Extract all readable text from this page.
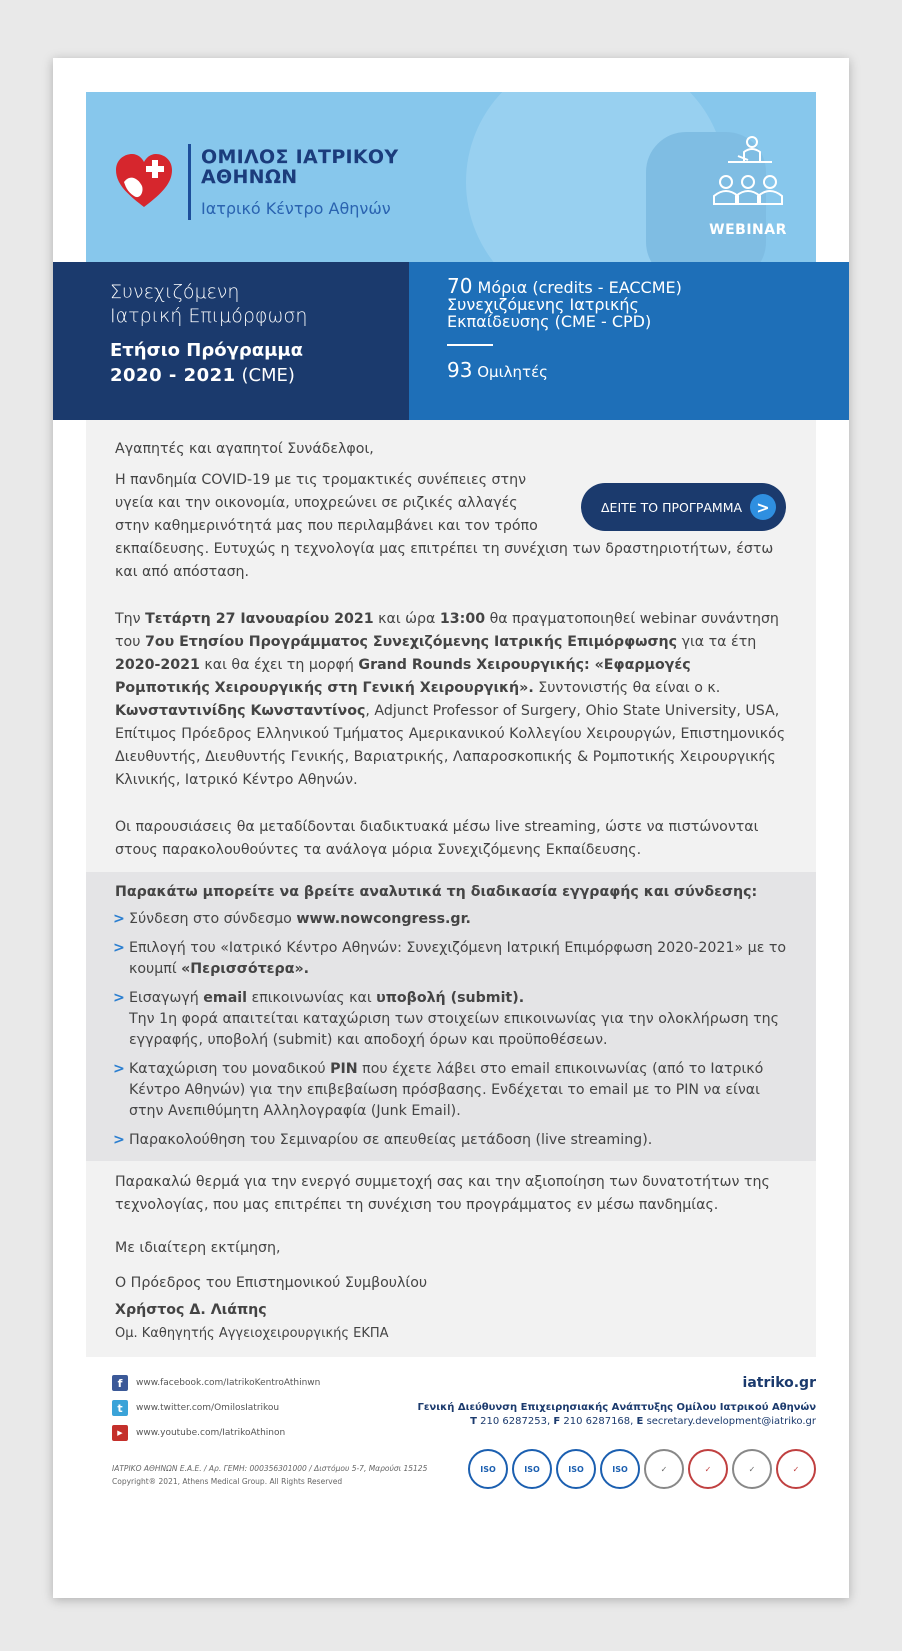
ΟΜΙΛΟΣ ΙΑΤΡΙΚΟΥ
ΑΘΗΝΩΝ
Ιατρικό Κέντρο Αθηνών
WEBINAR
Συνεχιζόμενη
Ιατρική Επιμόρφωση
Ετήσιο Πρόγραμμα
2020 - 2021 (CME)
70 Μόρια (credits - EACCME)
Συνεχιζόμενης Ιατρικής
Εκπαίδευσης (CME - CPD)
93 Ομιλητές

Αγαπητές και αγαπητοί Συνάδελφοι,

ΔΕΙΤΕ ΤΟ ΠΡΟΓΡΑΜΜΑ >

Η πανδημία COVID-19 με τις τρομακτικές συνέπειες στην υγεία και την οικονομία, υποχρεώνει σε ριζικές αλλαγές στην καθημερινότητά μας που περιλαμβάνει και τον τρόπο εκπαίδευσης. Ευτυχώς η τεχνολογία μας επιτρέπει τη συνέχιση των δραστηριοτήτων, έστω και από απόσταση.

Την Τετάρτη 27 Ιανουαρίου 2021 και ώρα 13:00 θα πραγματοποιηθεί webinar συνάντηση του 7ου Ετησίου Προγράμματος Συνεχιζόμενης Ιατρικής Επιμόρφωσης για τα έτη 2020-2021 και θα έχει τη μορφή Grand Rounds Χειρουργικής: «Εφαρμογές Ρομποτικής Χειρουργικής στη Γενική Χειρουργική». Συντονιστής θα είναι ο κ. Κωνσταντινίδης Κωνσταντίνος, Adjunct Professor of Surgery, Ohio State University, USA, Επίτιμος Πρόεδρος Ελληνικού Τμήματος Αμερικανικού Κολλεγίου Χειρουργών, Επιστημονικός Διευθυντής, Διευθυντής Γενικής, Βαριατρικής, Λαπαροσκοπικής & Ρομποτικής Χειρουργικής Κλινικής, Ιατρικό Κέντρο Αθηνών.

Οι παρουσιάσεις θα μεταδίδονται διαδικτυακά μέσω live streaming, ώστε να πιστώνονται στους παρακολουθούντες τα ανάλογα μόρια Συνεχιζόμενης Εκπαίδευσης.

Παρακάτω μπορείτε να βρείτε αναλυτικά τη διαδικασία εγγραφής και σύνδεσης:
> Σύνδεση στο σύνδεσμο www.nowcongress.gr.
> Επιλογή του «Ιατρικό Κέντρο Αθηνών: Συνεχιζόμενη Ιατρική Επιμόρφωση 2020-2021» με το κουμπί «Περισσότερα».
> Εισαγωγή email επικοινωνίας και υποβολή (submit).
Την 1η φορά απαιτείται καταχώριση των στοιχείων επικοινωνίας για την ολοκλήρωση της εγγραφής, υποβολή (submit) και αποδοχή όρων και προϋποθέσεων.
> Καταχώριση του μοναδικού PIN που έχετε λάβει στο email επικοινωνίας (από το Ιατρικό Κέντρο Αθηνών) για την επιβεβαίωση πρόσβασης. Ενδέχεται το email με το PIN να είναι στην Ανεπιθύμητη Αλληλογραφία (Junk Email).
> Παρακολούθηση του Σεμιναρίου σε απευθείας μετάδοση (live streaming).

Παρακαλώ θερμά για την ενεργό συμμετοχή σας και την αξιοποίηση των δυνατοτήτων της τεχνολογίας, που μας επιτρέπει τη συνέχιση του προγράμματος εν μέσω πανδημίας.

Με ιδιαίτερη εκτίμηση,

Ο Πρόεδρος του Επιστημονικού Συμβουλίου

Χρήστος Δ. Λιάπης
Ομ. Καθηγητής Αγγειοχειρουργικής ΕΚΠΑ
f	www.facebook.com/IatrikoKentroAthinwn
t	www.twitter.com/OmilosIatrikou
▶	www.youtube.com/IatrikoAthinon
iatriko.gr
Γενική Διεύθυνση Επιχειρησιακής Ανάπτυξης Ομίλου Ιατρικού Αθηνών
T 210 6287253, F 210 6287168, E secretary.development@iatriko.gr
ΙΑΤΡΙΚΟ ΑΘΗΝΩΝ Ε.Α.Ε. / Αρ. ΓΕΜΗ: 000356301000 / Διστόμου 5-7, Μαρούσι 15125
Copyright® 2021, Athens Medical Group. All Rights Reserved
ISO	ISO	ISO	ISO	✓	✓	✓	✓
